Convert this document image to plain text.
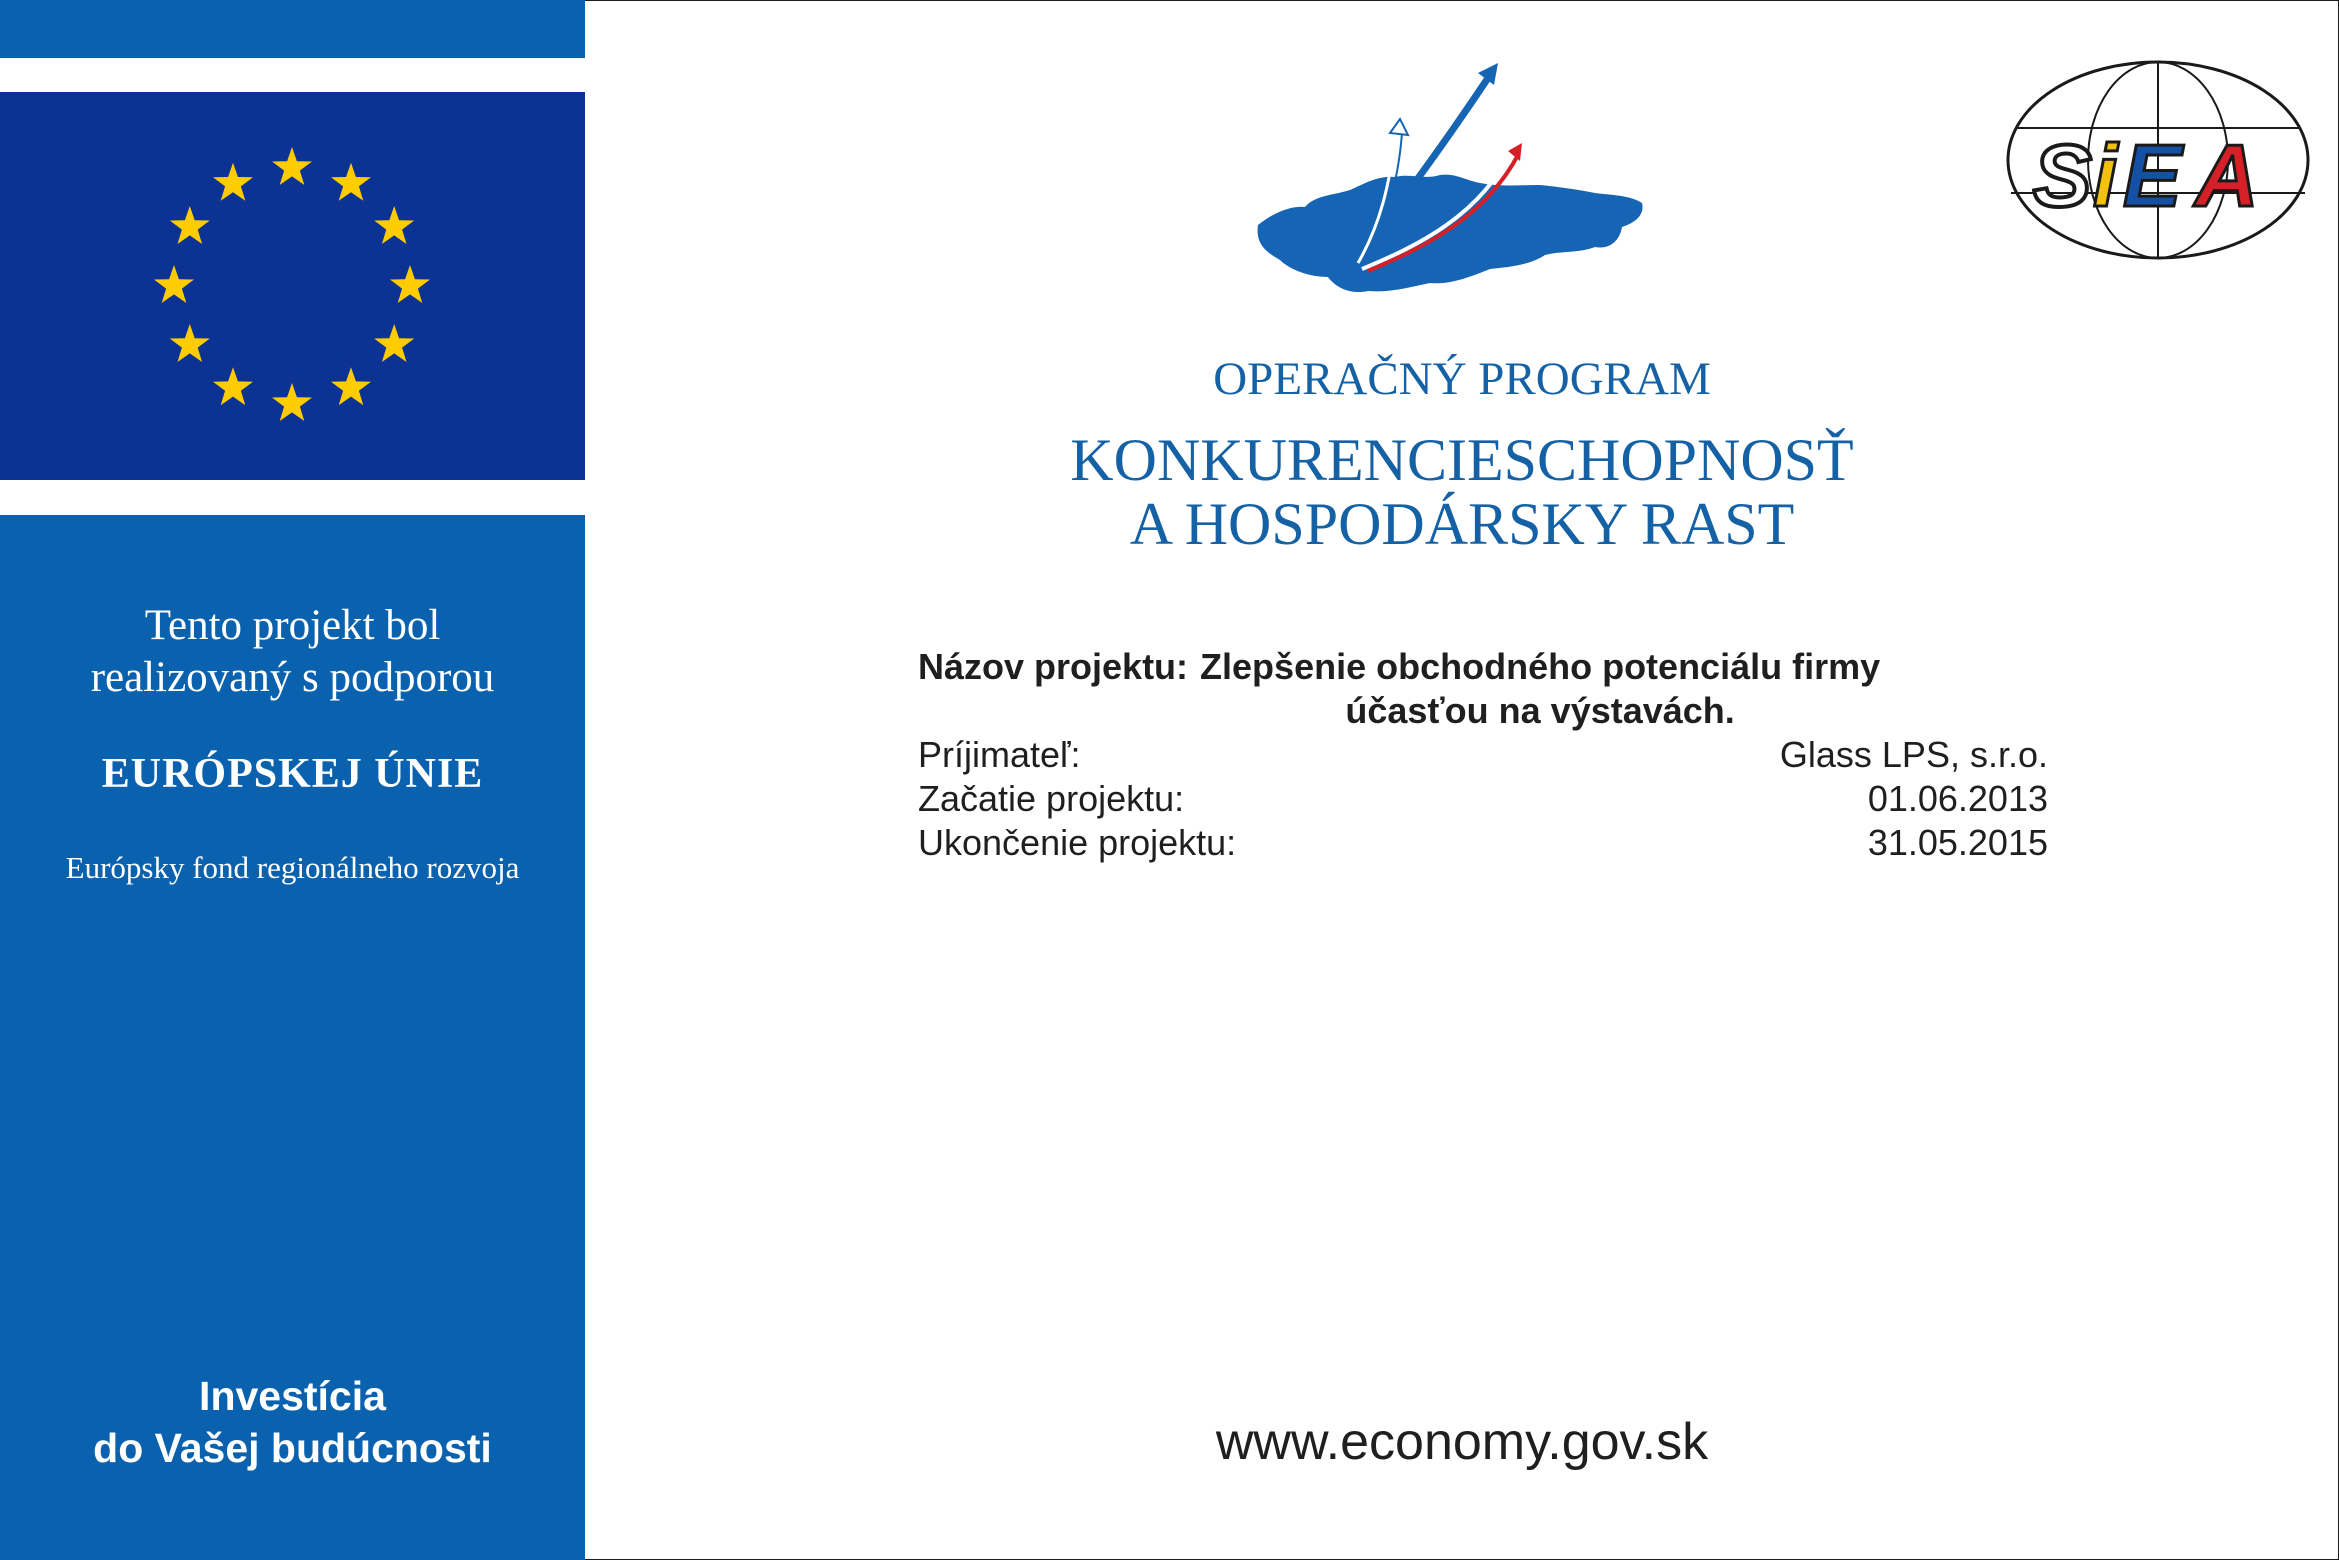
Tento projekt bol
realizovaný s podporou
EURÓPSKEJ ÚNIE
Európsky fond regionálneho rozvoja
Investícia
do Vašej budúcnosti
S i E A
OPERAČNÝ PROGRAM
KONKURENCIESCHOPNOSŤ
A HOSPODÁRSKY RAST
Názov projektu: Zlepšenie obchodného potenciálu firmy
účasťou na výstavách.
Príjimateľ:	Glass LPS, s.r.o.
Začatie projektu:	01.06.2013
Ukončenie projektu:	31.05.2015
www.economy.gov.sk
